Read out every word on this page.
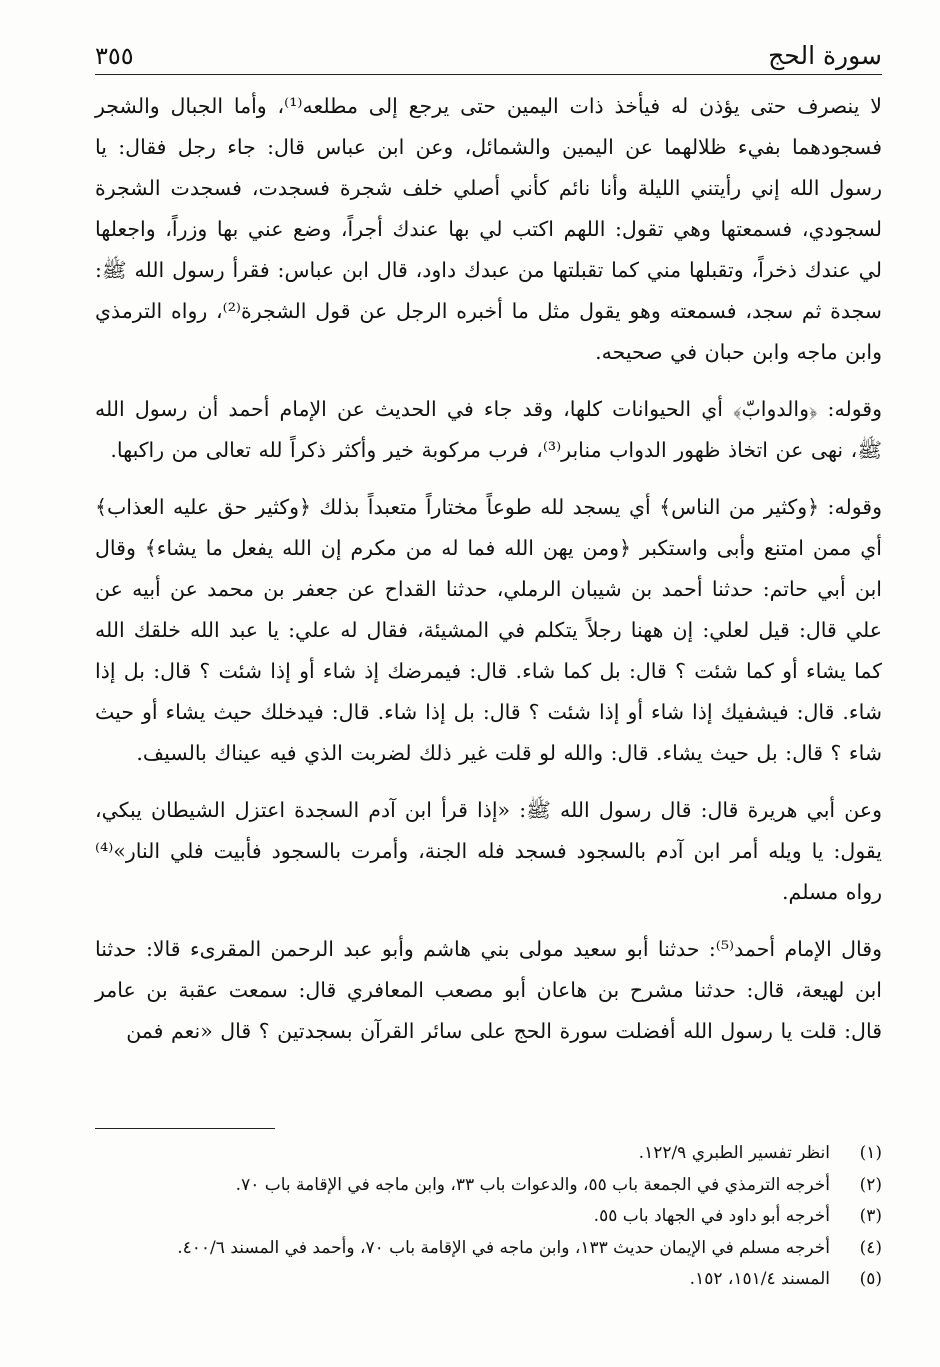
٣٥٥	سورة الحج

لا ينصرف حتى يؤذن له فيأخذ ذات اليمين حتى يرجع إلى مطلعه⁽¹⁾، وأما الجبال والشجر فسجودهما بفيء ظلالهما عن اليمين والشمائل، وعن ابن عباس قال: جاء رجل فقال: يا رسول الله إني رأيتني الليلة وأنا نائم كأني أصلي خلف شجرة فسجدت، فسجدت الشجرة لسجودي، فسمعتها وهي تقول: اللهم اكتب لي بها عندك أجراً، وضع عني بها وزراً، واجعلها لي عندك ذخراً، وتقبلها مني كما تقبلتها من عبدك داود، قال ابن عباس: فقرأ رسول الله ﷺ: سجدة ثم سجد، فسمعته وهو يقول مثل ما أخبره الرجل عن قول الشجرة⁽²⁾، رواه الترمذي وابن ماجه وابن حبان في صحيحه.

وقوله: ﴿والدوابّ﴾ أي الحيوانات كلها، وقد جاء في الحديث عن الإمام أحمد أن رسول الله ﷺ، نهى عن اتخاذ ظهور الدواب منابر⁽³⁾، فرب مركوبة خير وأكثر ذكراً لله تعالى من راكبها.

وقوله: ﴿وكثير من الناس﴾ أي يسجد لله طوعاً مختاراً متعبداً بذلك ﴿وكثير حق عليه العذاب﴾ أي ممن امتنع وأبى واستكبر ﴿ومن يهن الله فما له من مكرم إن الله يفعل ما يشاء﴾ وقال ابن أبي حاتم: حدثنا أحمد بن شيبان الرملي، حدثنا القداح عن جعفر بن محمد عن أبيه عن علي قال: قيل لعلي: إن ههنا رجلاً يتكلم في المشيئة، فقال له علي: يا عبد الله خلقك الله كما يشاء أو كما شئت ؟ قال: بل كما شاء. قال: فيمرضك إذ شاء أو إذا شئت ؟ قال: بل إذا شاء. قال: فيشفيك إذا شاء أو إذا شئت ؟ قال: بل إذا شاء. قال: فيدخلك حيث يشاء أو حيث شاء ؟ قال: بل حيث يشاء. قال: والله لو قلت غير ذلك لضربت الذي فيه عيناك بالسيف.

وعن أبي هريرة قال: قال رسول الله ﷺ: «إذا قرأ ابن آدم السجدة اعتزل الشيطان يبكي، يقول: يا ويله أمر ابن آدم بالسجود فسجد فله الجنة، وأمرت بالسجود فأبيت فلي النار»⁽⁴⁾ رواه مسلم.

وقال الإمام أحمد⁽⁵⁾: حدثنا أبو سعيد مولى بني هاشم وأبو عبد الرحمن المقرىء قالا: حدثنا ابن لهيعة، قال: حدثنا مشرح بن هاعان أبو مصعب المعافري قال: سمعت عقبة بن عامر قال: قلت يا رسول الله أفضلت سورة الحج على سائر القرآن بسجدتين ؟ قال «نعم فمن

(١)
انظر تفسير الطبري ١٢٢/٩.
(٢)
أخرجه الترمذي في الجمعة باب ٥٥، والدعوات باب ٣٣، وابن ماجه في الإقامة باب ٧٠.
(٣)
أخرجه أبو داود في الجهاد باب ٥٥.
(٤)
أخرجه مسلم في الإيمان حديث ١٣٣، وابن ماجه في الإقامة باب ٧٠، وأحمد في المسند ٤٠٠/٦.
(٥)
المسند ١٥١/٤، ١٥٢.
